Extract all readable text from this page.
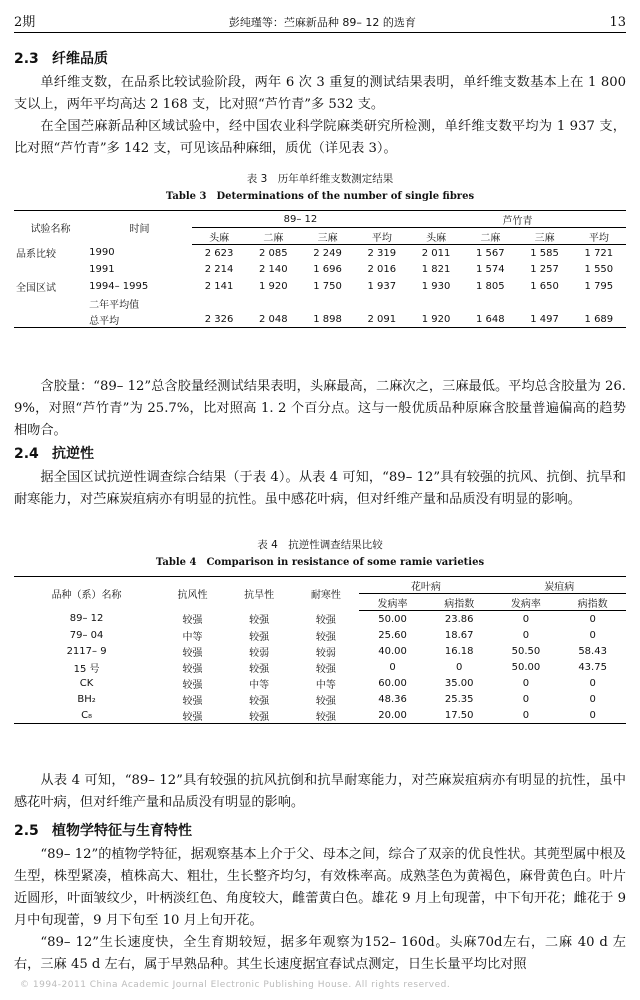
2期	彭纯瑾等：苎麻新品种 89– 12 的选育	13
2.3 纤维品质

单纤维支数，在品系比较试验阶段，两年 6 次 3 重复的测试结果表明，单纤维支数基本上在 1 800 支以上，两年平均高达 2 168 支，比对照“芦竹青”多 532 支。

在全国苎麻新品种区域试验中，经中国农业科学院麻类研究所检测，单纤维支数平均为 1 937 支，比对照“芦竹青”多 142 支，可见该品种麻细，质优（详见表 3）。

表 3　历年单纤维支数测定结果
Table 3　Determinations of the number of single fibres
试验名称	时间	89– 12				芦竹青			
		头麻	二麻	三麻	平均	头麻	二麻	三麻	平均
品系比较	1990	2 623	2 085	2 249	2 319	2 011	1 567	1 585	1 721
	1991	2 214	2 140	1 696	2 016	1 821	1 574	1 257	1 550
全国区试	1994– 1995	2 141	1 920	1 750	1 937	1 930	1 805	1 650	1 795
	二年平均值								
	总平均	2 326	2 048	1 898	2 091	1 920	1 648	1 497	1 689

含胶量：“89– 12”总含胶量经测试结果表明，头麻最高，二麻次之，三麻最低。平均总含胶量为 26. 9%，对照“芦竹青”为 25.7%，比对照高 1. 2 个百分点。这与一般优质品种原麻含胶量普遍偏高的趋势相吻合。

2.4 抗逆性

据全国区试抗逆性调查综合结果（于表 4）。从表 4 可知，“89– 12”具有较强的抗风、抗倒、抗旱和耐寒能力，对苎麻炭疽病亦有明显的抗性。虽中感花叶病，但对纤维产量和品质没有明显的影响。

表 4　抗逆性调查结果比较
Table 4　Comparison in resistance of some ramie varieties
品种（系）名称	抗风性	抗旱性	耐寒性	花叶病		炭疽病	
				发病率	病指数	发病率	病指数
89– 12	较强	较强	较强	50.00	23.86	0	0
79– 04	中等	较强	较强	25.60	18.67	0	0
2117– 9	较强	较弱	较弱	40.00	16.18	50.50	58.43
15 号	较强	较强	较强	0	0	50.00	43.75
CK	较强	中等	中等	60.00	35.00	0	0
BH₂	较强	较强	较强	48.36	25.35	0	0
C₈	较强	较强	较强	20.00	17.50	0	0

从表 4 可知，“89– 12”具有较强的抗风抗倒和抗旱耐寒能力，对苎麻炭疽病亦有明显的抗性，虽中感花叶病，但对纤维产量和品质没有明显的影响。

2.5 植物学特征与生育特性

“89– 12”的植物学特征，据观察基本上介于父、母本之间，综合了双亲的优良性状。其蔸型属中根及生型，株型紧凑，植株高大、粗壮，生长整齐均匀，有效株率高。成熟茎色为黄褐色，麻骨黄色白。叶片近圆形，叶面皱纹少，叶柄淡红色、角度较大，雌蕾黄白色。雄花 9 月上旬现蕾，中下旬开花；雌花于 9 月中旬现蕾，9 月下旬至 10 月上旬开花。

“89– 12”生长速度快，全生育期较短，据多年观察为152– 160d。头麻70d左右，二麻 40 d 左右，三麻 45 d 左右，属于早熟品种。其生长速度据宜春试点测定，日生长量平均比对照

© 1994-2011 China Academic Journal Electronic Publishing House. All rights reserved.
